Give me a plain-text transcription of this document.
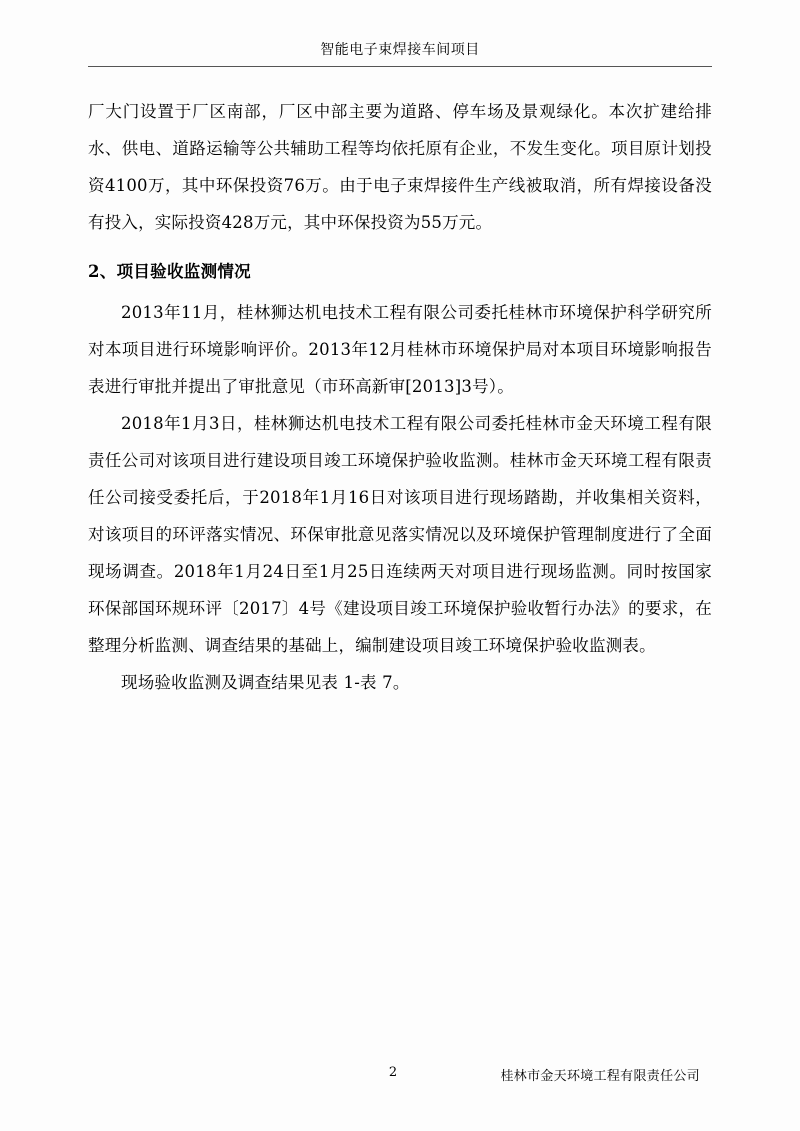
智能电子束焊接车间项目

厂大门设置于厂区南部，厂区中部主要为道路、停车场及景观绿化。本次扩建给排水、供电、道路运输等公共辅助工程等均依托原有企业，不发生变化。项目原计划投资4100万，其中环保投资76万。由于电子束焊接件生产线被取消，所有焊接设备没有投入，实际投资428万元，其中环保投资为55万元。

2、项目验收监测情况

2013年11月，桂林狮达机电技术工程有限公司委托桂林市环境保护科学研究所对本项目进行环境影响评价。2013年12月桂林市环境保护局对本项目环境影响报告表进行审批并提出了审批意见（市环高新审[2013]3号）。

2018年1月3日，桂林狮达机电技术工程有限公司委托桂林市金天环境工程有限责任公司对该项目进行建设项目竣工环境保护验收监测。桂林市金天环境工程有限责任公司接受委托后，于2018年1月16日对该项目进行现场踏勘，并收集相关资料，对该项目的环评落实情况、环保审批意见落实情况以及环境保护管理制度进行了全面现场调查。2018年1月24日至1月25日连续两天对项目进行现场监测。同时按国家环保部国环规环评〔2017〕4号《建设项目竣工环境保护验收暂行办法》的要求，在整理分析监测、调查结果的基础上，编制建设项目竣工环境保护验收监测表。

现场验收监测及调查结果见表 1-表 7。

2	桂林市金天环境工程有限责任公司
